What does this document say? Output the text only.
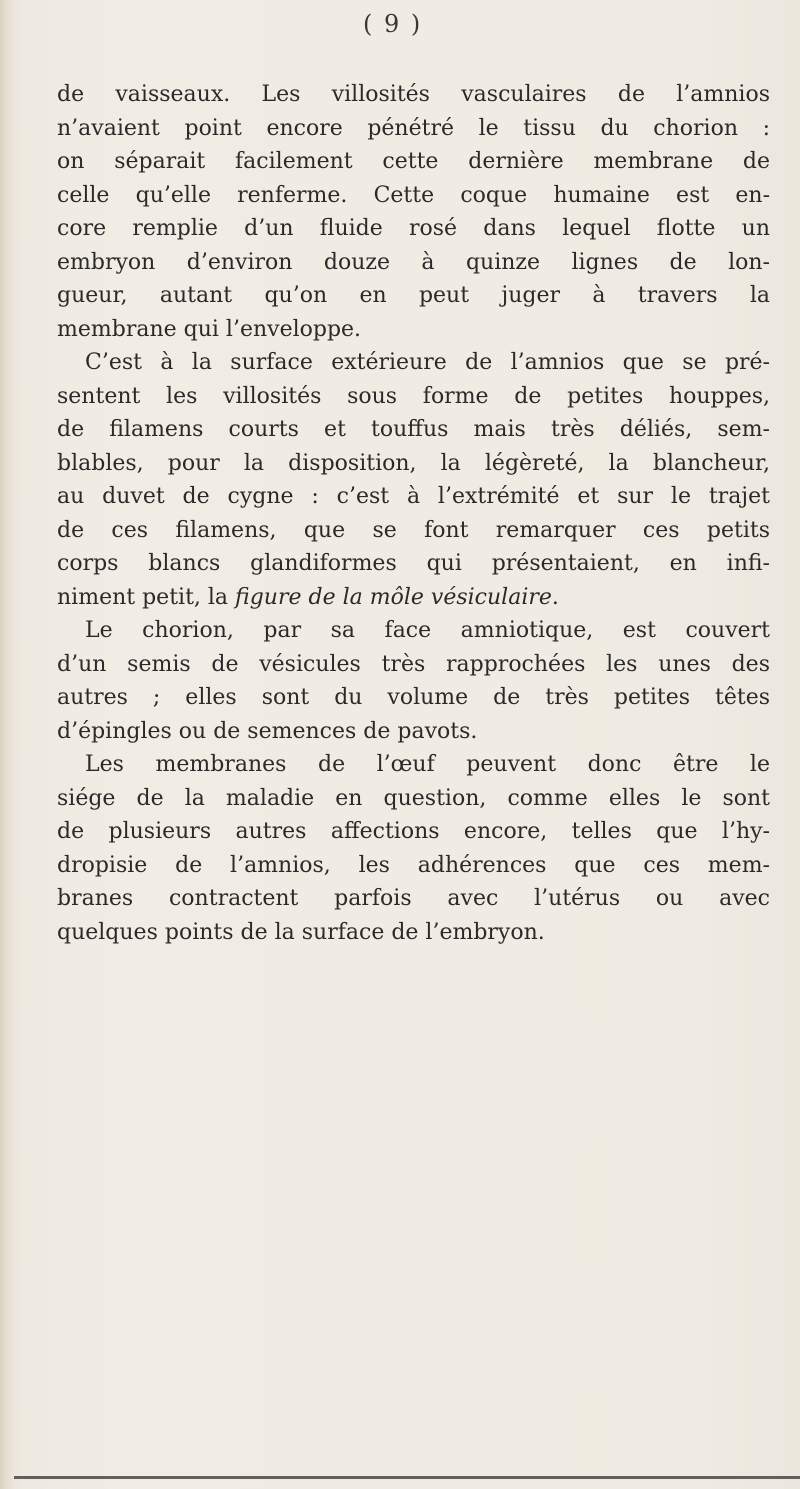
( 9 )
de vaisseaux. Les villosités vasculaires de l’amnios
n’avaient point encore pénétré le tissu du chorion :
on séparait facilement cette dernière membrane de
celle qu’elle renferme. Cette coque humaine est en-
core remplie d’un fluide rosé dans lequel flotte un
embryon d’environ douze à quinze lignes de lon-
gueur, autant qu’on en peut juger à travers la
membrane qui l’enveloppe.
C’est à la surface extérieure de l’amnios que se pré-
sentent les villosités sous forme de petites houppes,
de filamens courts et touffus mais très déliés, sem-
blables, pour la disposition, la légèreté, la blancheur,
au duvet de cygne : c’est à l’extrémité et sur le trajet
de ces filamens, que se font remarquer ces petits
corps blancs glandiformes qui présentaient, en infi-
niment petit, la figure de la môle vésiculaire.
Le chorion, par sa face amniotique, est couvert
d’un semis de vésicules très rapprochées les unes des
autres ; elles sont du volume de très petites têtes
d’épingles ou de semences de pavots.
Les membranes de l’œuf peuvent donc être le
siége de la maladie en question, comme elles le sont
de plusieurs autres affections encore, telles que l’hy-
dropisie de l’amnios, les adhérences que ces mem-
branes contractent parfois avec l’utérus ou avec
quelques points de la surface de l’embryon.
